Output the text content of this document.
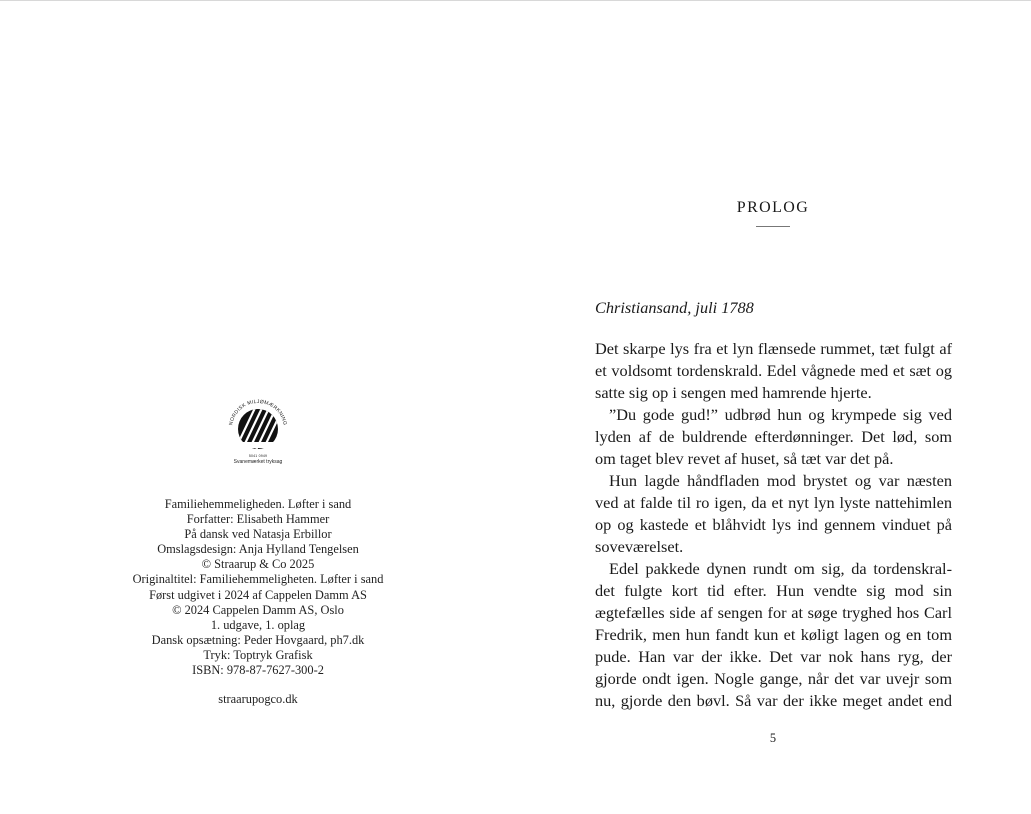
NORDISK MILJØMÆRKNING
5041 0949
Svanemærket tryksag
Familiehemmeligheden. Løfter i sand
Forfatter: Elisabeth Hammer
På dansk ved Natasja Erbillor
Omslagsdesign: Anja Hylland Tengelsen
© Straarup & Co 2025
Originaltitel: Familiehemmeligheten. Løfter i sand
Først udgivet i 2024 af Cappelen Damm AS
© 2024 Cappelen Damm AS, Oslo
1. udgave, 1. oplag
Dansk opsætning: Peder Hovgaard, ph7.dk
Tryk: Toptryk Grafisk
ISBN: 978-87-7627-300-2
straarupogco.dk
PROLOG
Christiansand, juli 1788
Det skarpe lys fra et lyn flænsede rummet, tæt fulgt af
et voldsomt tordenskrald. Edel vågnede med et sæt og
satte sig op i sengen med hamrende hjerte.
”Du gode gud!” udbrød hun og krympede sig ved
lyden af de buldrende efterdønninger. Det lød, som
om taget blev revet af huset, så tæt var det på.
Hun lagde håndfladen mod brystet og var næsten
ved at falde til ro igen, da et nyt lyn lyste nattehimlen
op og kastede et blåhvidt lys ind gennem vinduet på
soveværelset.
Edel pakkede dynen rundt om sig, da tordenskral-
det fulgte kort tid efter. Hun vendte sig mod sin
ægtefælles side af sengen for at søge tryghed hos Carl
Fredrik, men hun fandt kun et køligt lagen og en tom
pude. Han var der ikke. Det var nok hans ryg, der
gjorde ondt igen. Nogle gange, når det var uvejr som
nu, gjorde den bøvl. Så var der ikke meget andet end
5
